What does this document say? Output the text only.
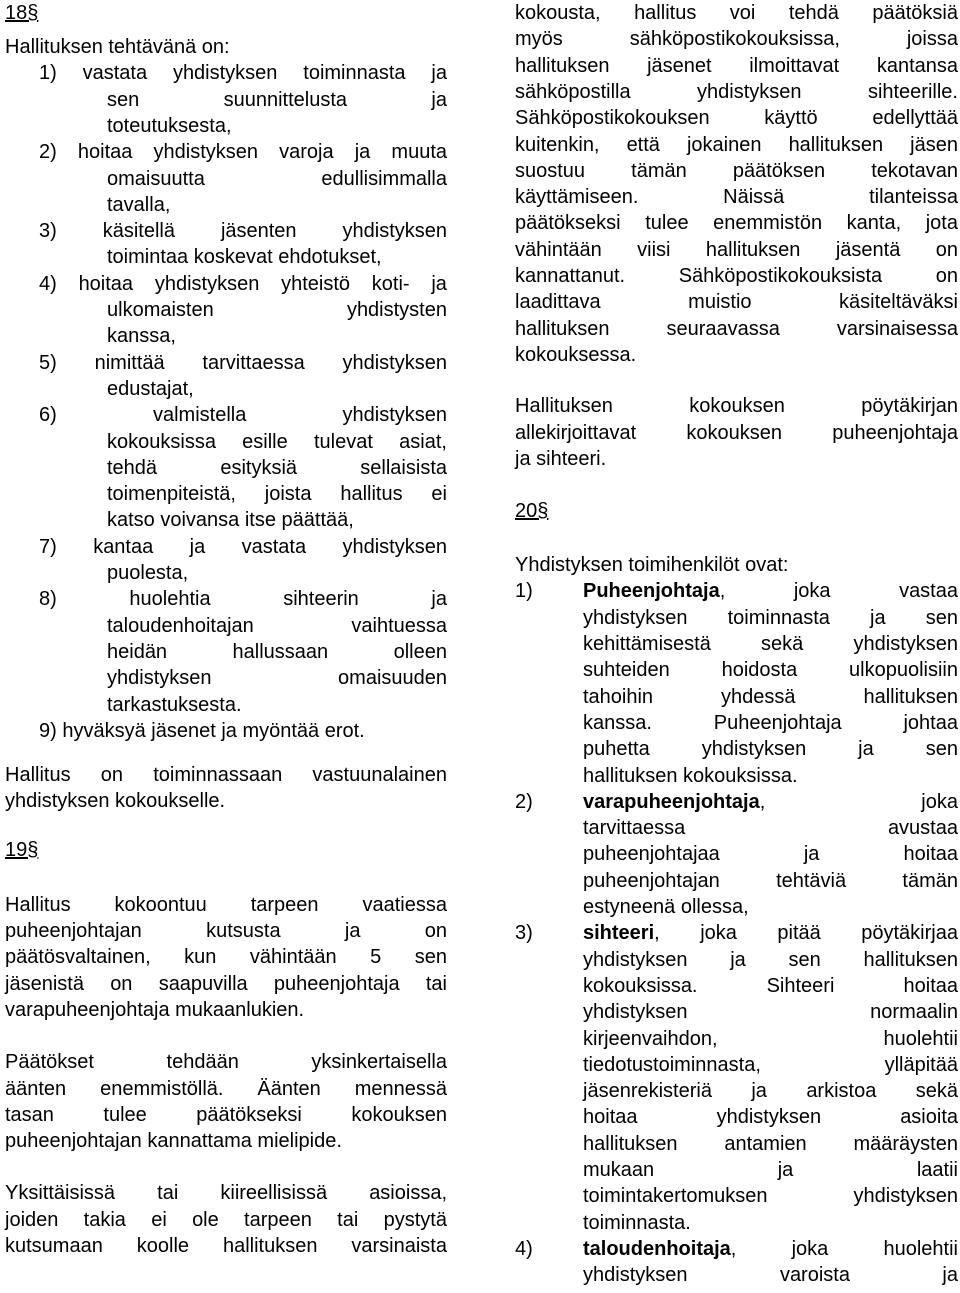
18§
Hallituksen tehtävänä on:
1) vastata yhdistyksen toiminnasta ja
sen	suunnittelusta	ja
toteutuksesta,
2) hoitaa yhdistyksen varoja ja muuta
omaisuutta	edullisimmalla
tavalla,
3) käsitellä jäsenten yhdistyksen
toimintaa koskevat ehdotukset,
4) hoitaa yhdistyksen yhteistö koti- ja
ulkomaisten	yhdistysten
kanssa,
5) nimittää tarvittaessa yhdistyksen
edustajat,
6)	valmistella	yhdistyksen
kokouksissa esille tulevat asiat,
tehdä	esityksiä	sellaisista
toimenpiteistä, joista hallitus ei
katso voivansa itse päättää,
7) kantaa ja vastata yhdistyksen
puolesta,
8)	huolehtia	sihteerin	ja
taloudenhoitajan	vaihtuessa
heidän	hallussaan	olleen
yhdistyksen	omaisuuden
tarkastuksesta.
9) hyväksyä jäsenet ja myöntää erot.
Hallitus on toiminnassaan vastuunalainen
yhdistyksen kokoukselle.
19§
Hallitus kokoontuu tarpeen vaatiessa
puheenjohtajan	kutsusta	ja	on
päätösvaltainen, kun vähintään 5 sen
jäsenistä on saapuvilla puheenjohtaja tai
varapuheenjohtaja mukaanlukien.
Päätökset	tehdään	yksinkertaisella
äänten enemmistöllä. Äänten mennessä
tasan tulee päätökseksi kokouksen
puheenjohtajan kannattama mielipide.
Yksittäisissä tai kiireellisissä asioissa,
joiden takia ei ole tarpeen tai pystytä
kutsumaan koolle hallituksen varsinaista
kokousta, hallitus voi tehdä päätöksiä
myös	sähköpostikokouksissa,	joissa
hallituksen jäsenet ilmoittavat kantansa
sähköpostilla	yhdistyksen	sihteerille.
Sähköpostikokouksen	käyttö	edellyttää
kuitenkin, että jokainen hallituksen jäsen
suostuu tämän päätöksen tekotavan
käyttämiseen.	Näissä	tilanteissa
päätökseksi tulee enemmistön kanta, jota
vähintään viisi hallituksen jäsentä on
kannattanut.	Sähköpostikokouksista	on
laadittava	muistio	käsiteltäväksi
hallituksen	seuraavassa	varsinaisessa
kokouksessa.
Hallituksen	kokouksen	pöytäkirjan
allekirjoittavat	kokouksen	puheenjohtaja
ja sihteeri.
20§
Yhdistyksen toimihenkilöt ovat:
1)	Puheenjohtaja,	joka	vastaa
yhdistyksen toiminnasta ja sen
kehittämisestä	sekä	yhdistyksen
suhteiden	hoidosta	ulkopuolisiin
tahoihin	yhdessä	hallituksen
kanssa.	Puheenjohtaja	johtaa
puhetta	yhdistyksen	ja	sen
hallituksen kokouksissa.
2)	varapuheenjohtaja,	joka
tarvittaessa	avustaa
puheenjohtajaa	ja	hoitaa
puheenjohtajan	tehtäviä	tämän
estyneenä ollessa,
3)	sihteeri, joka pitää pöytäkirjaa
yhdistyksen ja sen hallituksen
kokouksissa.	Sihteeri	hoitaa
yhdistyksen	normaalin
kirjeenvaihdon,	huolehtii
tiedotustoiminnasta,	ylläpitää
jäsenrekisteriä ja arkistoa sekä
hoitaa	yhdistyksen	asioita
hallituksen antamien määräysten
mukaan	ja	laatii
toimintakertomuksen	yhdistyksen
toiminnasta.
4)	taloudenhoitaja,	joka	huolehtii
yhdistyksen	varoista	ja
